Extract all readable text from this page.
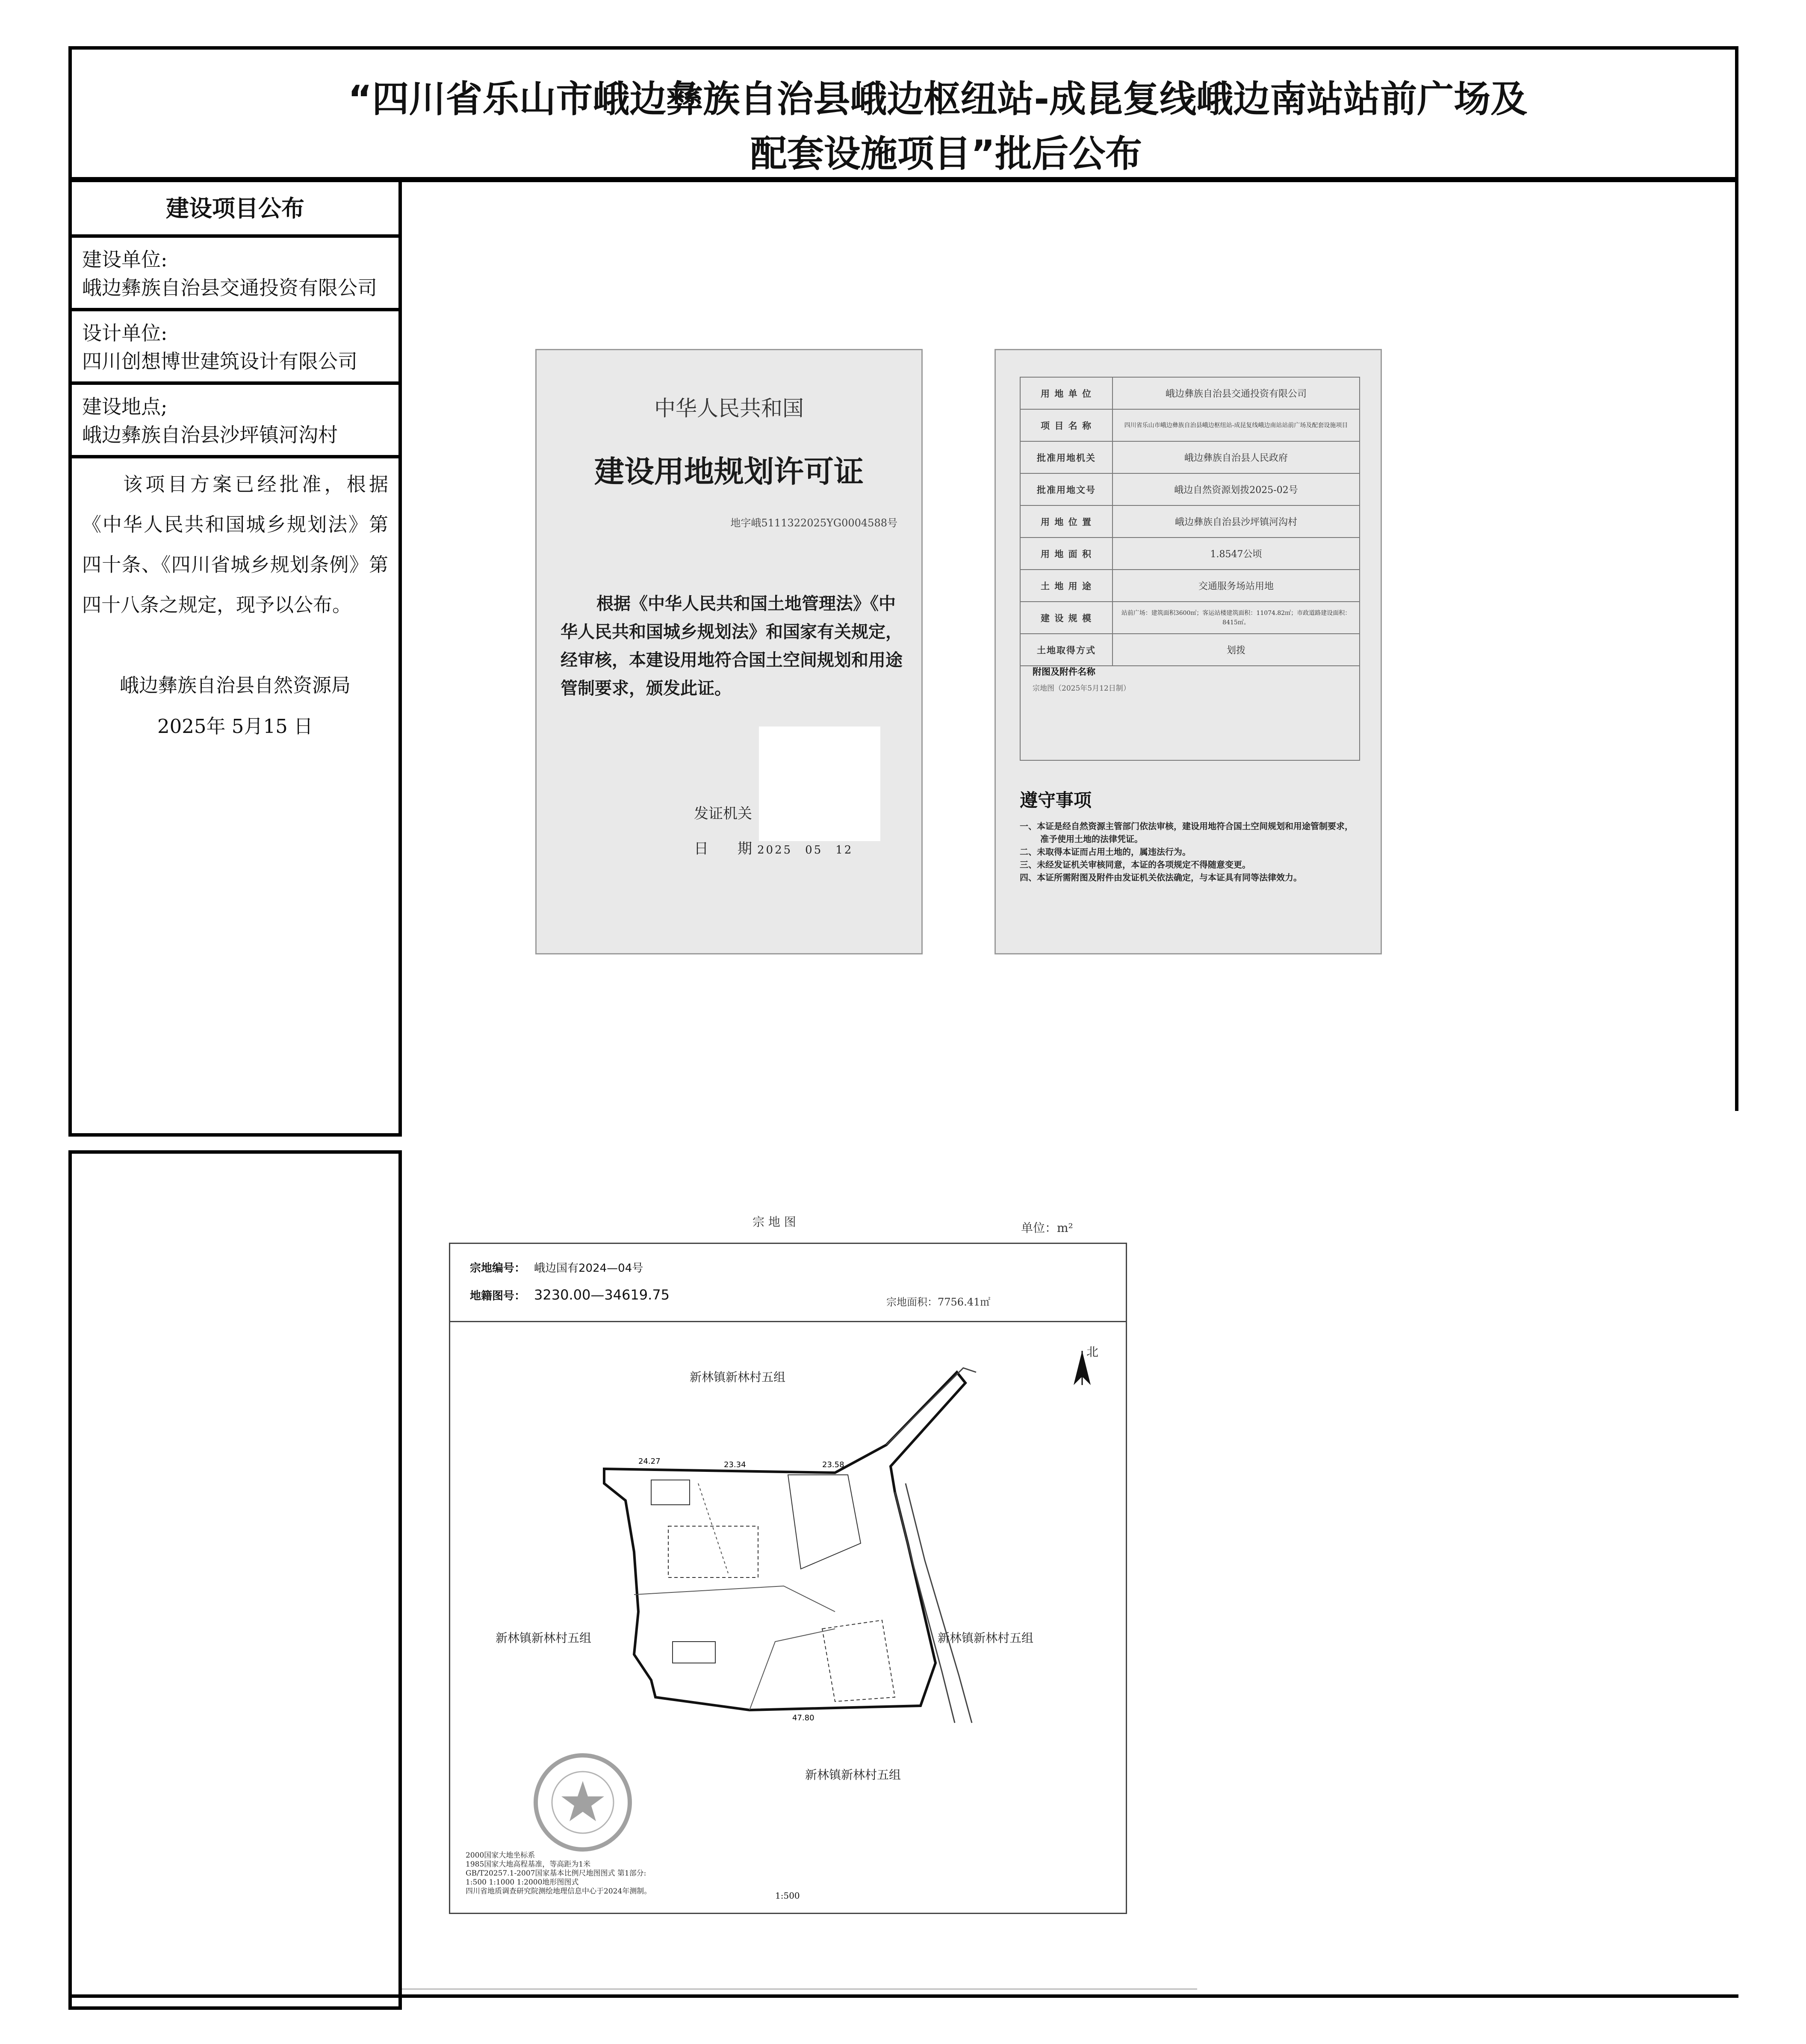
“四川省乐山市峨边彝族自治县峨边枢纽站-成昆复线峨边南站站前广场及
配套设施项目”批后公布
建设项目公布
建设单位:
峨边彝族自治县交通投资有限公司
设计单位:
四川创想博世建筑设计有限公司
建设地点;
峨边彝族自治县沙坪镇河沟村
该项目方案已经批准，根据《中华人民共和国城乡规划法》第四十条、《四川省城乡规划条例》第四十八条之规定，现予以公布。
峨边彝族自治县自然资源局
2025年 5月15 日
中华人民共和国
建设用地规划许可证
地字峨5111322025YG0004588号
根据《中华人民共和国土地管理法》《中华人民共和国城乡规划法》和国家有关规定，经审核，本建设用地符合国土空间规划和用途管制要求，颁发此证。
发证机关
日　　期 2025　05　12
用 地 单 位	峨边彝族自治县交通投资有限公司
项 目 名 称	四川省乐山市峨边彝族自治县峨边枢纽站-成昆复线峨边南站站前广场及配套设施项目
批准用地机关	峨边彝族自治县人民政府
批准用地文号	峨边自然资源划拨2025-02号
用 地 位 置	峨边彝族自治县沙坪镇河沟村
用 地 面 积	1.8547公顷
土 地 用 途	交通服务场站用地
建 设 规 模	站前广场：建筑面积3600㎡；客运站楼建筑面积：11074.82㎡；市政道路建设面积：8415㎡。
土地取得方式	划拨
附图及附件名称
宗地图（2025年5月12日制）
遵守事项
一、本证是经自然资源主管部门依法审核，建设用地符合国土空间规划和用途管制要求，准予使用土地的法律凭证。
二、未取得本证而占用土地的，属违法行为。
三、未经发证机关审核同意，本证的各项规定不得随意变更。
四、本证所需附图及附件由发证机关依法确定，与本证具有同等法律效力。
宗 地 图	单位：m²
宗地编号： 峨边国有2024—04号
地籍图号： 3230.00—34619.75	宗地面积：7756.41㎡
北
24.27	23.34	23.58
47.80
新林镇新林村五组
新林镇新林村五组	新林镇新林村五组
新林镇新林村五组
2000国家大地坐标系
1985国家大地高程基准，等高距为1米
GB/T20257.1-2007国家基本比例尺地图图式 第1部分:
1:500 1:1000 1:2000地形图图式
四川省地质调查研究院测绘地理信息中心于2024年测制。	1:500
